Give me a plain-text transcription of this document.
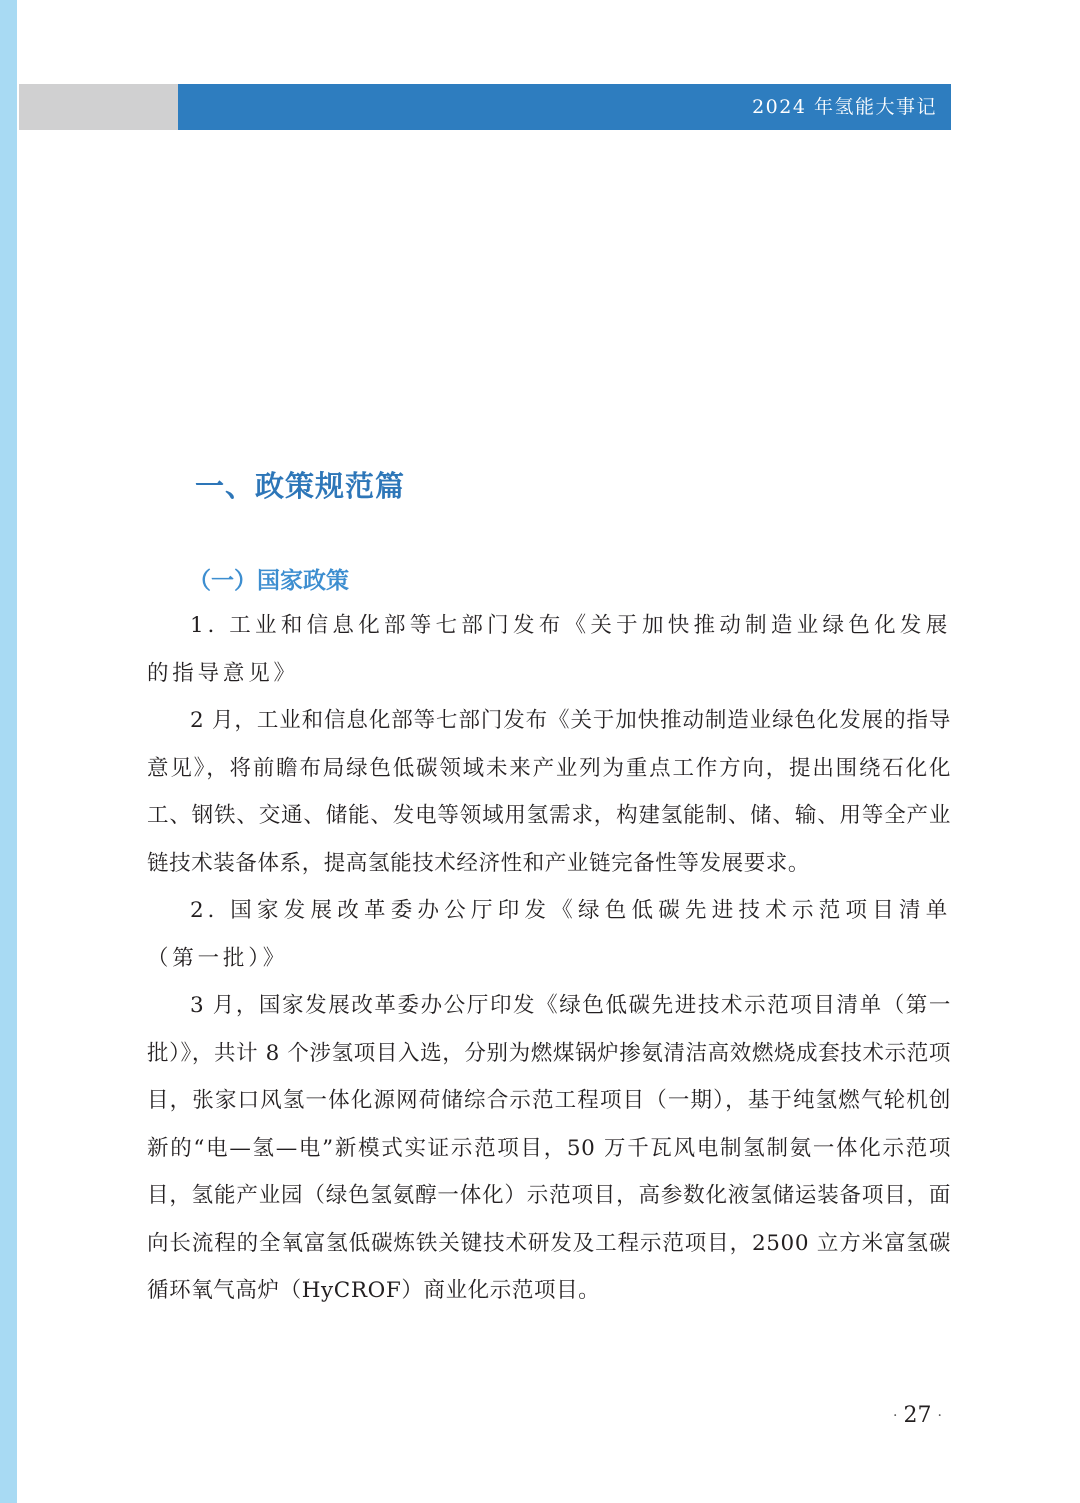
2024 年氢能大事记
一、政策规范篇
（一）国家政策

1. 工业和信息化部等七部门发布《关于加快推动制造业绿色化发展的指导意见》

2 月，工业和信息化部等七部门发布《关于加快推动制造业绿色化发展的指导意见》，将前瞻布局绿色低碳领域未来产业列为重点工作方向，提出围绕石化化工、钢铁、交通、储能、发电等领域用氢需求，构建氢能制、储、输、用等全产业链技术装备体系，提高氢能技术经济性和产业链完备性等发展要求。

2. 国家发展改革委办公厅印发《绿色低碳先进技术示范项目清单（第一批）》

3 月，国家发展改革委办公厅印发《绿色低碳先进技术示范项目清单（第一批）》，共计 8 个涉氢项目入选，分别为燃煤锅炉掺氨清洁高效燃烧成套技术示范项目，张家口风氢一体化源网荷储综合示范工程项目（一期），基于纯氢燃气轮机创新的“电—氢—电”新模式实证示范项目，50 万千瓦风电制氢制氨一体化示范项目，氢能产业园（绿色氢氨醇一体化）示范项目，高参数化液氢储运装备项目，面向长流程的全氧富氢低碳炼铁关键技术研发及工程示范项目，2500 立方米富氢碳循环氧气高炉（HyCROF）商业化示范项目。

· 27 ·
